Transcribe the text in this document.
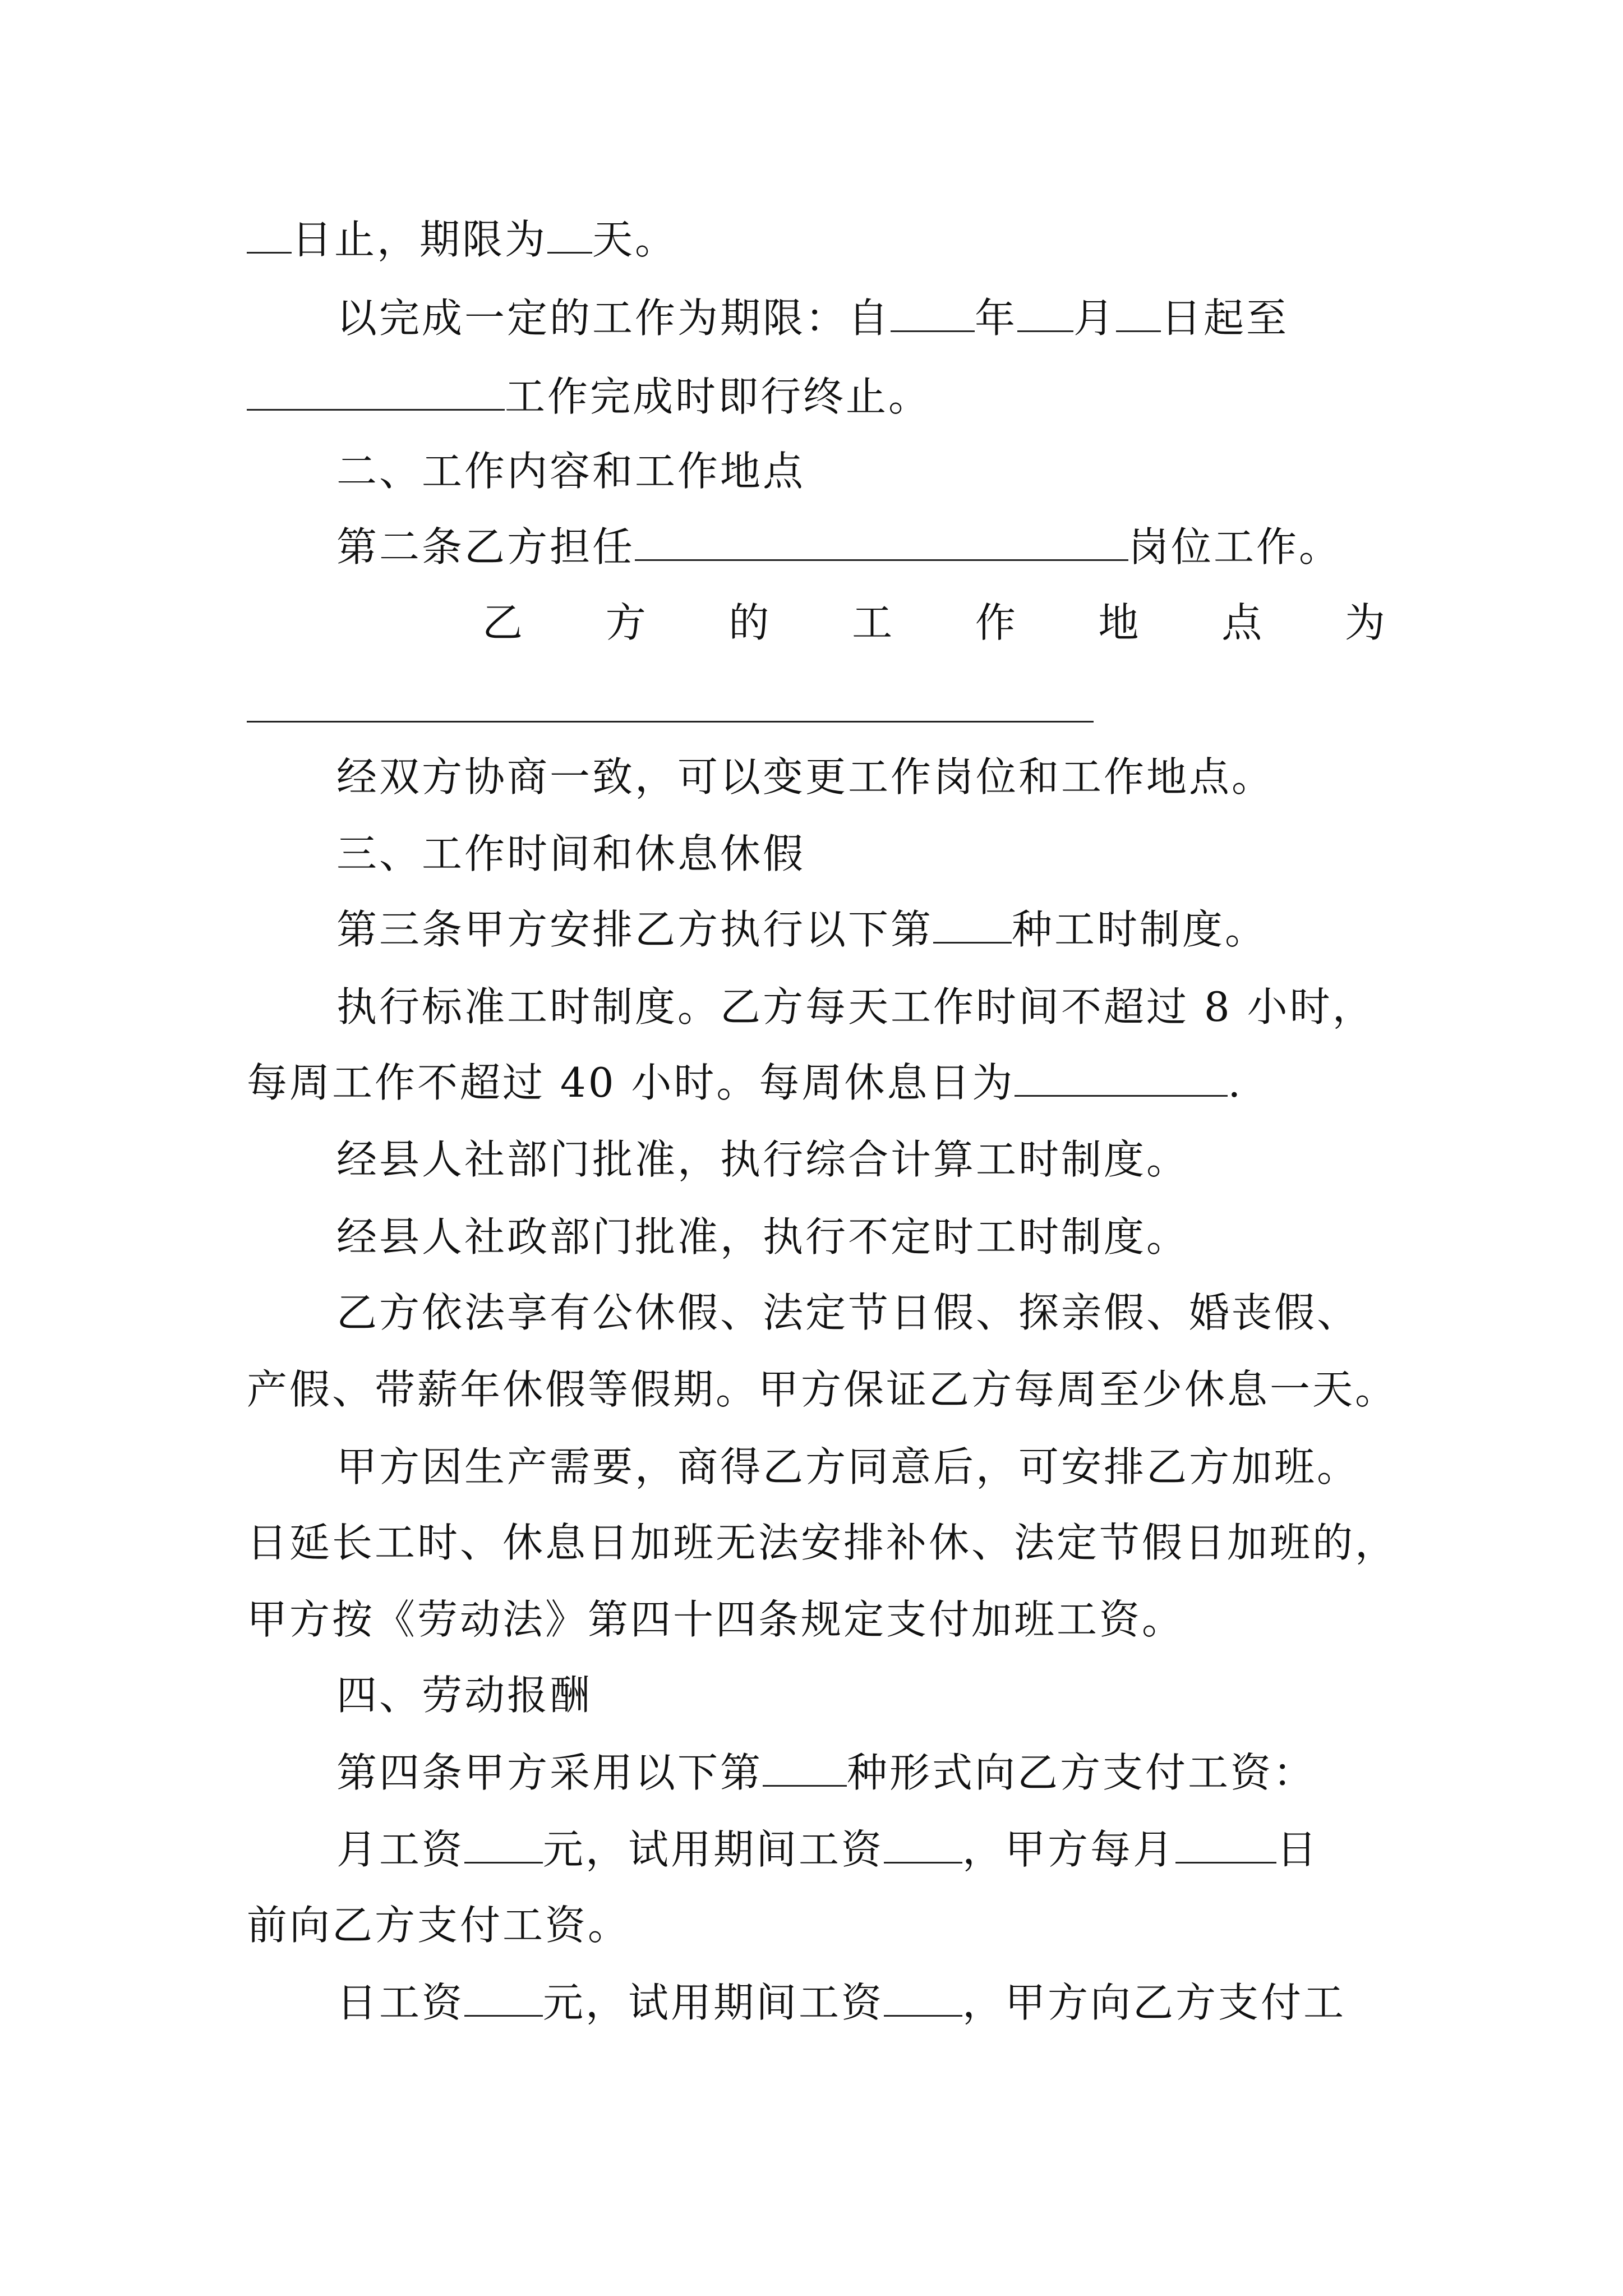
日止，期限为 天。
以完成一定的工作为期限：自 年 月 日起至
工作完成时即行终止。
二、工作内容和工作地点
第二条乙方担任	岗位工作。
乙 方 的 工 作 地 点 为
经双方协商一致，可以变更工作岗位和工作地点。
三、工作时间和休息休假
第三条甲方安排乙方执行以下第 种工时制度。
执行标准工时制度。乙方每天工作时间不超过 8 小时，
每周工作不超过 40 小时。每周休息日为	.
经县人社部门批准，执行综合计算工时制度。
经县人社政部门批准，执行不定时工时制度。
乙方依法享有公休假、法定节日假、探亲假、婚丧假、
产假、带薪年休假等假期。甲方保证乙方每周至少休息一天。
甲方因生产需要，商得乙方同意后，可安排乙方加班。
日延长工时、休息日加班无法安排补休、法定节假日加班的，
甲方按《劳动法》第四十四条规定支付加班工资。
四、劳动报酬
第四条甲方采用以下第 种形式向乙方支付工资：
月工资 元，试用期间工资 ，甲方每月	日
前向乙方支付工资。
日工资 元，试用期间工资 ，甲方向乙方支付工
